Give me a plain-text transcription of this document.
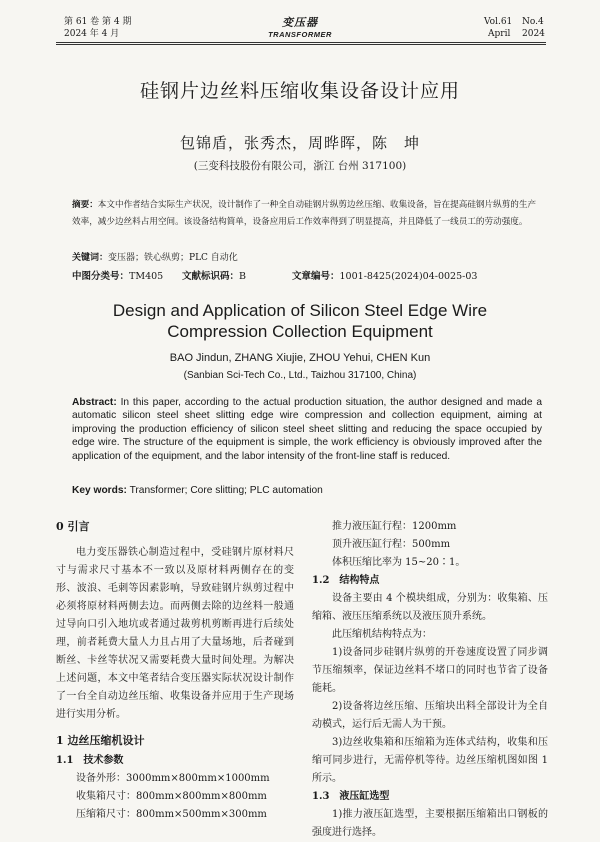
第 61 卷 第 4 期
2024 年 4 月
变压器
TRANSFORMER
Vol.61 No.4
April 2024
硅钢片边丝料压缩收集设备设计应用
包锦盾，张秀杰，周晔晖，陈　坤
(三变科技股份有限公司，浙江 台州 317100)
摘要：本文中作者结合实际生产状况，设计制作了一种全自动硅钢片纵剪边丝压缩、收集设备，旨在提高硅钢片纵剪的生产效率，减少边丝料占用空间。该设备结构简单，设备应用后工作效率得到了明显提高，并且降低了一线员工的劳动强度。
关键词：变压器；铁心纵剪；PLC 自动化
中图分类号：TM405 文献标识码：B	文章编号：1001-8425(2024)04-0025-03
Design and Application of Silicon Steel Edge Wire
Compression Collection Equipment
BAO Jindun, ZHANG Xiujie, ZHOU Yehui, CHEN Kun
(Sanbian Sci-Tech Co., Ltd., Taizhou 317100, China)
Abstract: In this paper, according to the actual production situation, the author designed and made a automatic silicon steel sheet slitting edge wire compression and collection equipment, aiming at improving the production efficiency of silicon steel sheet slitting and reducing the space occupied by edge wire. The structure of the equipment is simple, the work efficiency is obviously improved after the application of the equipment, and the labor intensity of the front-line staff is reduced.
Key words: Transformer; Core slitting; PLC automation

0 引言

电力变压器铁心制造过程中，受硅钢片原材料尺寸与需求尺寸基本不一致以及原材料两侧存在的变形、波浪、毛刺等因素影响，导致硅钢片纵剪过程中必须将原材料两侧去边。而两侧去除的边丝料一般通过导向口引入地坑或者通过裁剪机剪断再进行后续处理，前者耗费大量人力且占用了大量场地，后者碰到断丝、卡丝等状况又需要耗费大量时间处理。为解决上述问题，本文中笔者结合变压器实际状况设计制作了一台全自动边丝压缩、收集设备并应用于生产现场进行实用分析。

1 边丝压缩机设计

1.1　技术参数

设备外形：3000mm×800mm×1000mm

收集箱尺寸：800mm×800mm×800mm

压缩箱尺寸：800mm×500mm×300mm

推力液压缸行程：1200mm

顶升液压缸行程：500mm

体积压缩比率为 15~20∶1。

1.2　结构特点

设备主要由 4 个模块组成，分别为：收集箱、压缩箱、液压压缩系统以及液压顶升系统。

此压缩机结构特点为：

1)设备同步硅钢片纵剪的开卷速度设置了同步调节压缩频率，保证边丝料不堵口的同时也节省了设备能耗。

2)设备将边丝压缩、压缩块出料全部设计为全自动模式，运行后无需人为干预。

3)边丝收集箱和压缩箱为连体式结构，收集和压缩可同步进行，无需停机等待。边丝压缩机图如图 1 所示。

1.3　液压缸选型

1)推力液压缸选型，主要根据压缩箱出口钢板的强度进行选择。
